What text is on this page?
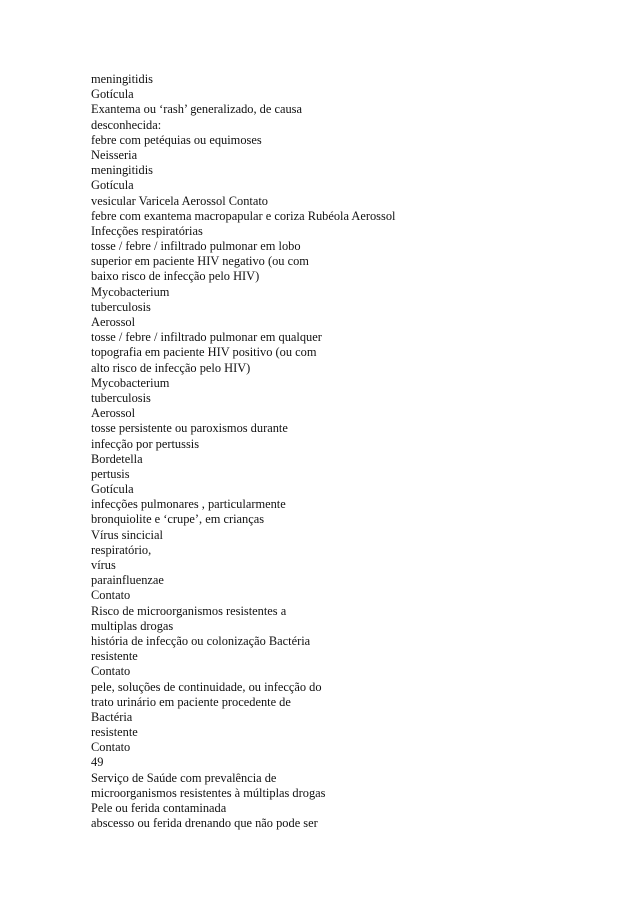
meningitidis
Gotícula
Exantema ou ‘rash’ generalizado, de causa
desconhecida:
febre com petéquias ou equimoses
Neisseria
meningitidis
Gotícula
vesicular Varicela Aerossol Contato
febre com exantema macropapular e coriza Rubéola Aerossol
Infecções respiratórias
tosse / febre / infiltrado pulmonar em lobo
superior em paciente HIV negativo (ou com
baixo risco de infecção pelo HIV)
Mycobacterium
tuberculosis
Aerossol
tosse / febre / infiltrado pulmonar em qualquer
topografia em paciente HIV positivo (ou com
alto risco de infecção pelo HIV)
Mycobacterium
tuberculosis
Aerossol
tosse persistente ou paroxismos durante
infecção por pertussis
Bordetella
pertusis
Gotícula
infecções pulmonares , particularmente
bronquiolite e ‘crupe’, em crianças
Vírus sincicial
respiratório,
vírus
parainfluenzae
Contato
Risco de microorganismos resistentes a
multiplas drogas
história de infecção ou colonização Bactéria
resistente
Contato
pele, soluções de continuidade, ou infecção do
trato urinário em paciente procedente de
Bactéria
resistente
Contato
49
Serviço de Saúde com prevalência de
microorganismos resistentes à múltiplas drogas
Pele ou ferida contaminada
abscesso ou ferida drenando que não pode ser
